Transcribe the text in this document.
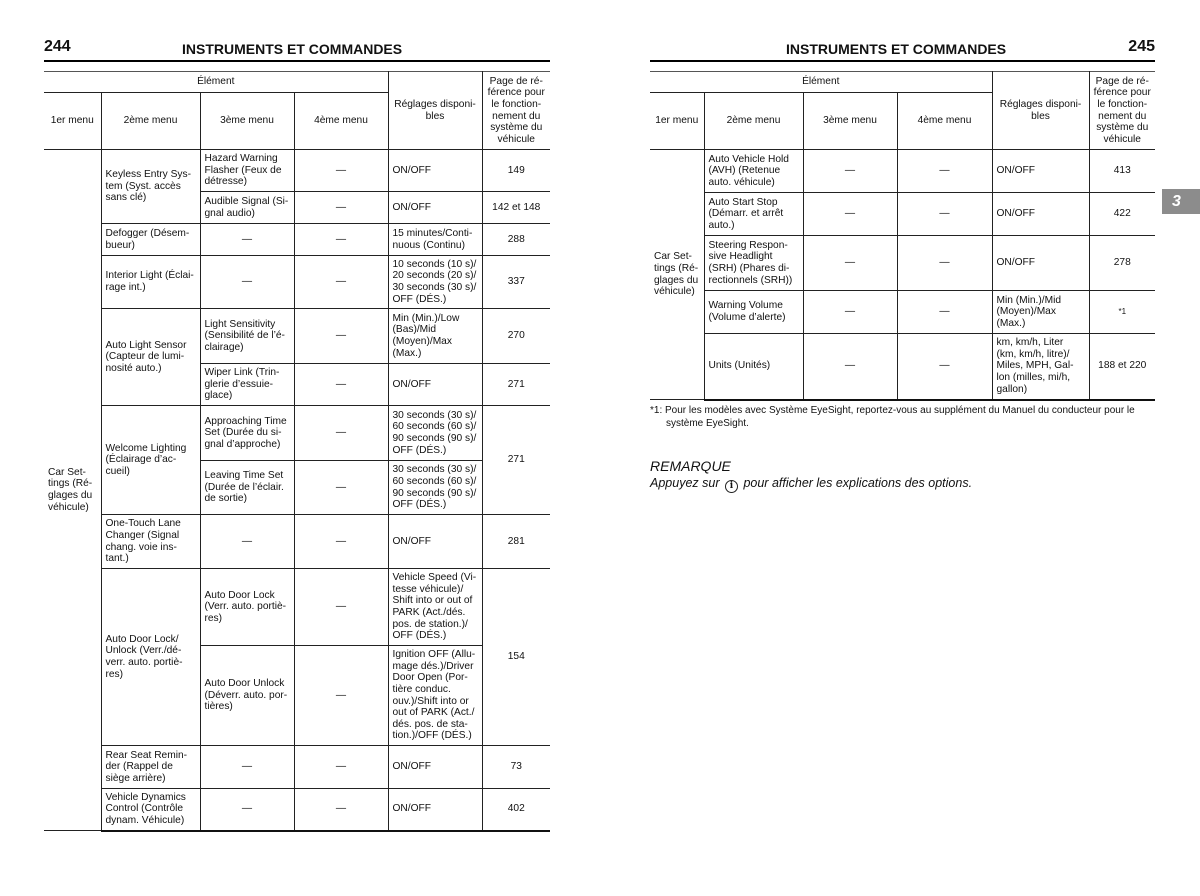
244	INSTRUMENTS ET COMMANDES
Élément				Réglages disponi-bles	Page de ré-férence pour le fonction-nement du système du véhicule
1er menu	2ème menu	3ème menu	4ème menu		
Car Set-tings (Ré-glages du véhicule)	Keyless Entry Sys-tem (Syst. accès sans clé)	Hazard Warning Flasher (Feux de détresse)	—	ON/OFF	149
		Audible Signal (Si-gnal audio)	—	ON/OFF	142 et 148
	Defogger (Désem-bueur)	—	—	15 minutes/Conti-nuous (Continu)	288
	Interior Light (Éclai-rage int.)	—	—	10 seconds (10 s)/ 20 seconds (20 s)/ 30 seconds (30 s)/ OFF (DÉS.)	337
	Auto Light Sensor (Capteur de lumi-nosité auto.)	Light Sensitivity (Sensibilité de l’é-clairage)	—	Min (Min.)/Low (Bas)/Mid (Moyen)/Max (Max.)	270
		Wiper Link (Trin-glerie d’essuie-glace)	—	ON/OFF	271
	Welcome Lighting (Éclairage d’ac-cueil)	Approaching Time Set (Durée du si-gnal d’approche)	—	30 seconds (30 s)/ 60 seconds (60 s)/ 90 seconds (90 s)/ OFF (DÉS.)	271
		Leaving Time Set (Durée de l’éclair. de sortie)	—	30 seconds (30 s)/ 60 seconds (60 s)/ 90 seconds (90 s)/ OFF (DÉS.)	
	One-Touch Lane Changer (Signal chang. voie ins-tant.)	—	—	ON/OFF	281
	Auto Door Lock/ Unlock (Verr./dé-verr. auto. portiè-res)	Auto Door Lock (Verr. auto. portiè-res)	—	Vehicle Speed (Vi-tesse véhicule)/ Shift into or out of PARK (Act./dés. pos. de station.)/ OFF (DÉS.)	154
		Auto Door Unlock (Déverr. auto. por-tières)	—	Ignition OFF (Allu-mage dés.)/Driver Door Open (Por-tière conduc. ouv.)/Shift into or out of PARK (Act./ dés. pos. de sta-tion.)/OFF (DÉS.)	
	Rear Seat Remin-der (Rappel de siège arrière)	—	—	ON/OFF	73
	Vehicle Dynamics Control (Contrôle dynam. Véhicule)	—	—	ON/OFF	402
INSTRUMENTS ET COMMANDES	245
Élément				Réglages disponi-bles	Page de ré-férence pour le fonction-nement du système du véhicule
1er menu	2ème menu	3ème menu	4ème menu		
Car Set-tings (Ré-glages du véhicule)	Auto Vehicle Hold (AVH) (Retenue auto. véhicule)	—	—	ON/OFF	413
	Auto Start Stop (Démarr. et arrêt auto.)	—	—	ON/OFF	422
	Steering Respon-sive Headlight (SRH) (Phares di-rectionnels (SRH))	—	—	ON/OFF	278
	Warning Volume (Volume d’alerte)	—	—	Min (Min.)/Mid (Moyen)/Max (Max.)	*1
	Units (Unités)	—	—	km, km/h, Liter (km, km/h, litre)/ Miles, MPH, Gal-lon (milles, mi/h, gallon)	188 et 220
*1: Pour les modèles avec Système EyeSight, reportez-vous au supplément du Manuel du conducteur pour le système EyeSight.
REMARQUE
Appuyez sur i pour afficher les explications des options.
3
